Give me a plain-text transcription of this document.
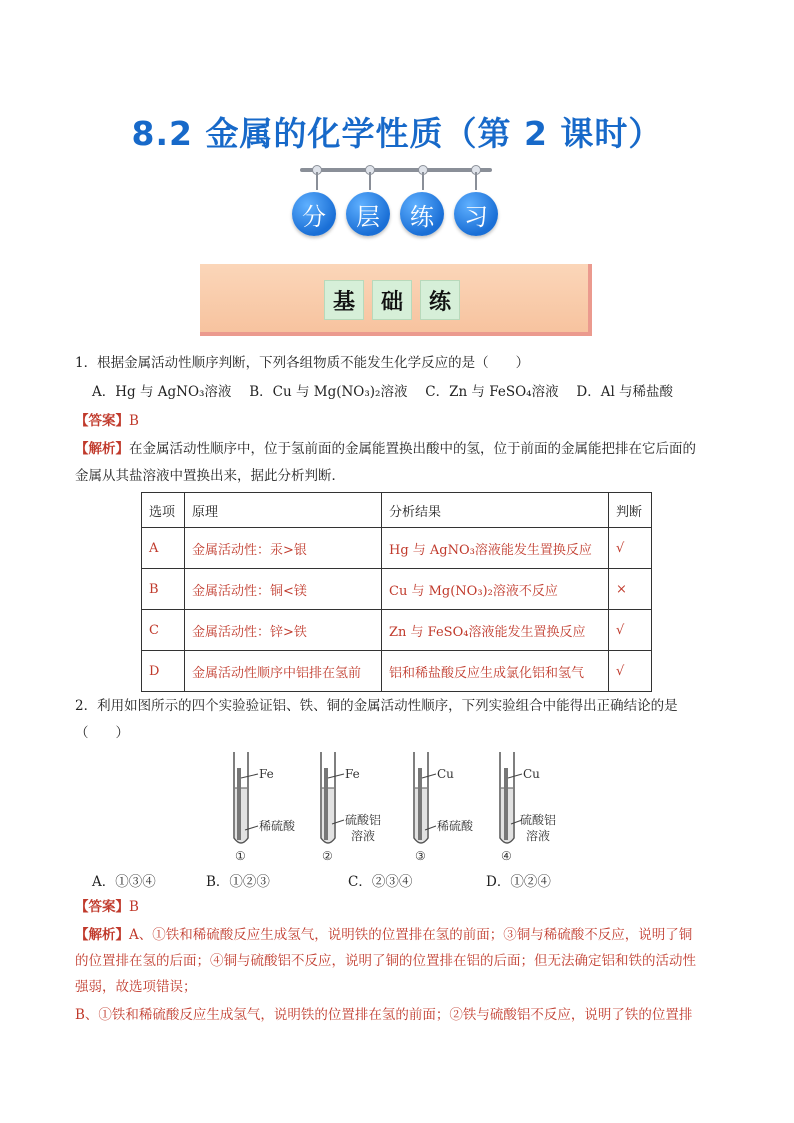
8.2 金属的化学性质（第 2 课时）
分	层	练	习
基	础	练
1．根据金属活动性顺序判断，下列各组物质不能发生化学反应的是（　　）
A．Hg 与 AgNO₃溶液　 B．Cu 与 Mg(NO₃)₂溶液　 C．Zn 与 FeSO₄溶液　 D．Al 与稀盐酸
【答案】B
【解析】在金属活动性顺序中，位于氢前面的金属能置换出酸中的氢，位于前面的金属能把排在它后面的
金属从其盐溶液中置换出来，据此分析判断．
选项	原理	分析结果	判断
A	金属活动性：汞>银	Hg 与 AgNO₃溶液能发生置换反应	√
B	金属活动性：铜<镁	Cu 与 Mg(NO₃)₂溶液不反应	×
C	金属活动性：锌>铁	Zn 与 FeSO₄溶液能发生置换反应	√
D	金属活动性顺序中铝排在氢前	铝和稀盐酸反应生成氯化铝和氢气	√
2．利用如图所示的四个实验验证铝、铁、铜的金属活动性顺序，下列实验组合中能得出正确结论的是
（　　）
Fe
稀硫酸
①
Fe
硫酸铝
溶液
②
Cu
稀硫酸
③
Cu
硫酸铝
溶液
④
A．①③④	B．①②③	C．②③④	D．①②④
【答案】B
【解析】A、①铁和稀硫酸反应生成氢气，说明铁的位置排在氢的前面；③铜与稀硫酸不反应，说明了铜
的位置排在氢的后面；④铜与硫酸铝不反应，说明了铜的位置排在铝的后面；但无法确定铝和铁的活动性
强弱，故选项错误；
B、①铁和稀硫酸反应生成氢气，说明铁的位置排在氢的前面；②铁与硫酸铝不反应，说明了铁的位置排
